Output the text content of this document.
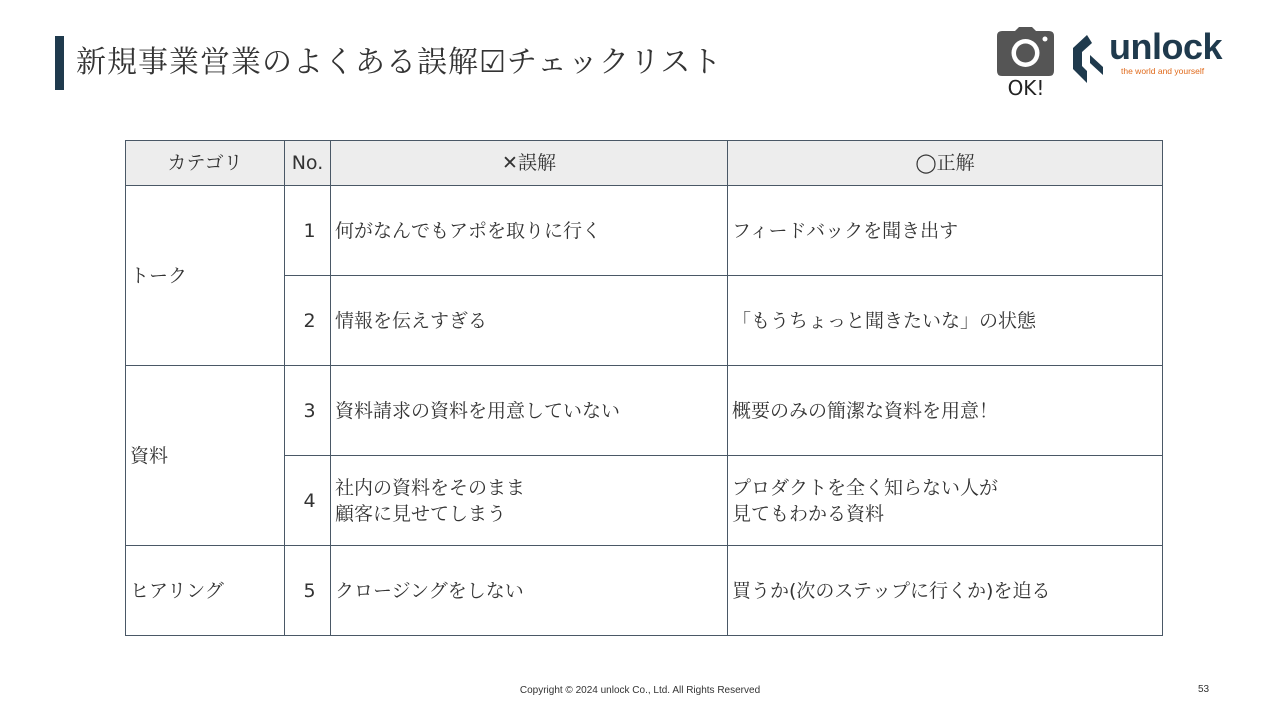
新規事業営業のよくある誤解☑チェックリスト
OK!
unlock
the world and yourself
カテゴリ	No.	✕誤解	◯正解
トーク	1	何がなんでもアポを取りに行く	フィードバックを聞き出す
	2	情報を伝えすぎる	「もうちょっと聞きたいな」の状態
資料	3	資料請求の資料を用意していない	概要のみの簡潔な資料を用意！
	4	社内の資料をそのまま
顧客に見せてしまう	プロダクトを全く知らない人が
見てもわかる資料
ヒアリング	5	クロージングをしない	買うか(次のステップに行くか)を迫る
Copyright © 2024 unlock Co., Ltd. All Rights Reserved	53
